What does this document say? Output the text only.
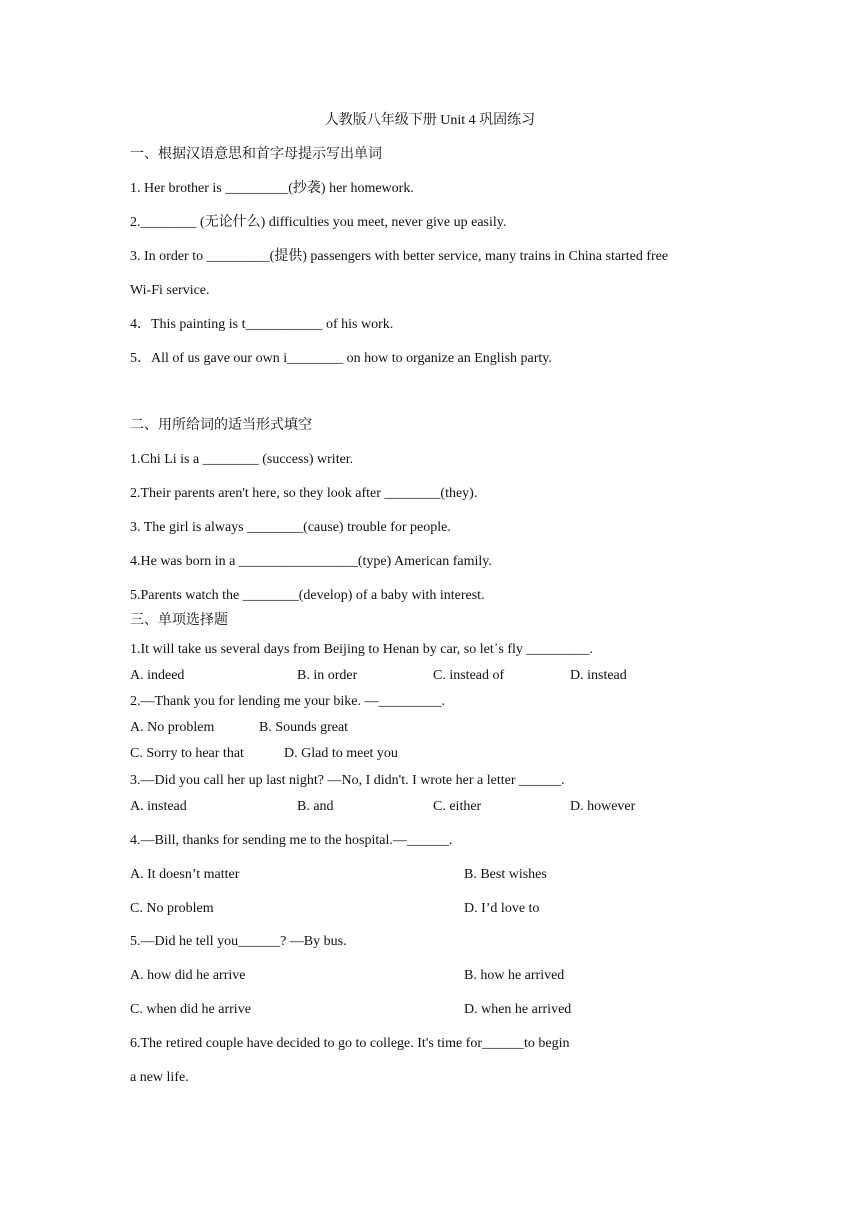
人教版八年级下册 Unit 4 巩固练习
一、根据汉语意思和首字母提示写出单词
1. Her brother is _________(抄袭) her homework.
2.________ (无论什么) difficulties you meet, never give up easily.
3. In order to _________(提供) passengers with better service, many trains in China started free
Wi-Fi service.
4．This painting is t___________ of his work.
5．All of us gave our own i________ on how to organize an English party.
二、用所给词的适当形式填空
1.Chi Li is a ________ (success) writer.
2.Their parents aren't here, so they look after ________(they).
3. The girl is always ________(cause) trouble for people.
4.He was born in a _________________(type) American family.
5.Parents watch the ________(develop) of a baby with interest.
三、单项选择题
1.It will take us several days from Beijing to Henan by car, so let᾽s fly _________.
A. indeed	B. in order	C. instead of	D. instead
2.—Thank you for lending me your bike. —_________.
A. No problem	B. Sounds great
C. Sorry to hear that	D. Glad to meet you
3.—Did you call her up last night? —No, I didn't. I wrote her a letter ______.
A. instead	B. and	C. either	D. however
4.—Bill, thanks for sending me to the hospital.—______.
A. It doesn’t matter	B. Best wishes
C. No problem	D. I’d love to
5.—Did he tell you______? —By bus.
A. how did he arrive	B. how he arrived
C. when did he arrive	D. when he arrived
6.The retired couple have decided to go to college. It's time for______to begin
a new life.
